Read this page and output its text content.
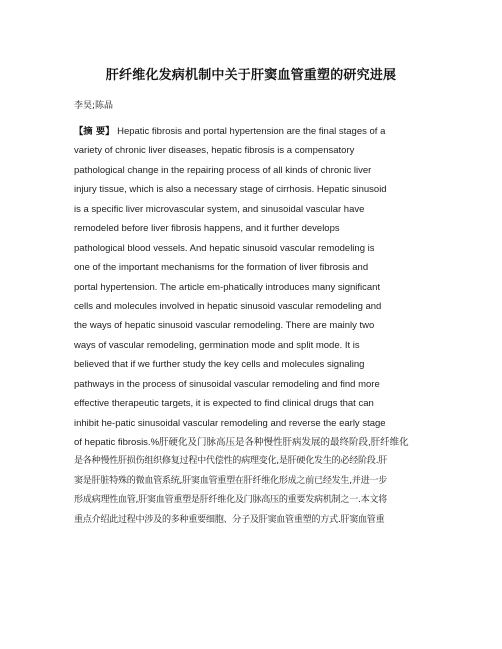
肝纤维化发病机制中关于肝窦血管重塑的研究进展
李昊;陈晶
【摘 要】 Hepatic fibrosis and portal hypertension are the final stages of a
variety of chronic liver diseases, hepatic fibrosis is a compensatory
pathological change in the repairing process of all kinds of chronic liver
injury tissue, which is also a necessary stage of cirrhosis. Hepatic sinusoid
is a specific liver microvascular system, and sinusoidal vascular have
remodeled before liver fibrosis happens, and it further develops
pathological blood vessels. And hepatic sinusoid vascular remodeling is
one of the important mechanisms for the formation of liver fibrosis and
portal hypertension. The article em-phatically introduces many significant
cells and molecules involved in hepatic sinusoid vascular remodeling and
the ways of hepatic sinusoid vascular remodeling. There are mainly two
ways of vascular remodeling, germination mode and split mode. It is
believed that if we further study the key cells and molecules signaling
pathways in the process of sinusoidal vascular remodeling and find more
effective therapeutic targets, it is expected to find clinical drugs that can
inhibit he-patic sinusoidal vascular remodeling and reverse the early stage
of hepatic fibrosis.%肝硬化及门脉高压是各种慢性肝病发展的最终阶段,肝纤维化
是各种慢性肝损伤组织修复过程中代偿性的病理变化,是肝硬化发生的必经阶段.肝
窦是肝脏特殊的微血管系统,肝窦血管重塑在肝纤维化形成之前已经发生,并进一步
形成病理性血管,肝窦血管重塑是肝纤维化及门脉高压的重要发病机制之一.本文将
重点介绍此过程中涉及的多种重要细胞、分子及肝窦血管重塑的方式.肝窦血管重
